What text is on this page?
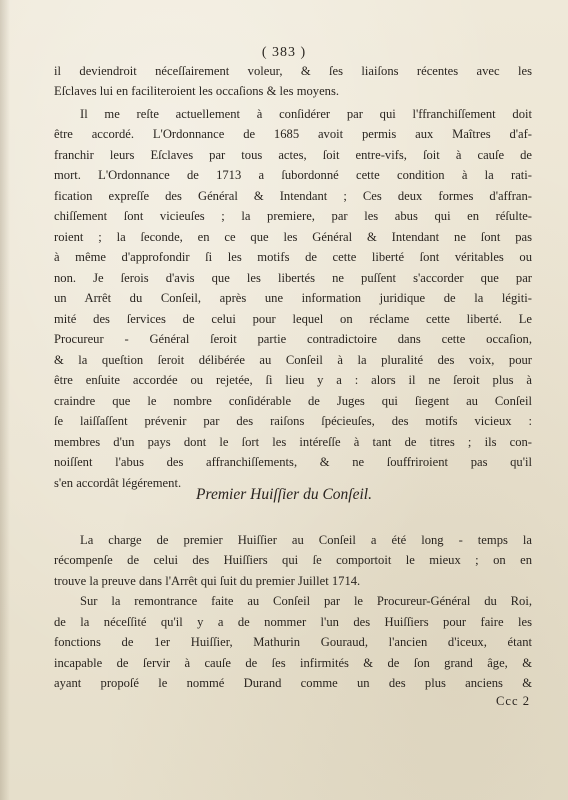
( 383 )
il deviendroit néceſſairement voleur, & ſes liaiſons récentes avec les
Eſclaves lui en faciliteroient les occaſions & les moyens.
Il me reſte actuellement à conſidérer par qui l'ffranchiſſement doit
être accordé. L'Ordonnance de 1685 avoit permis aux Maîtres d'af-
franchir leurs Eſclaves par tous actes, ſoit entre-vifs, ſoit à cauſe de
mort. L'Ordonnance de 1713 a ſubordonné cette condition à la rati-
fication expreſſe des Général & Intendant ; Ces deux formes d'affran-
chiſſement ſont vicieuſes ; la premiere, par les abus qui en réſulte-
roient ; la ſeconde, en ce que les Général & Intendant ne ſont pas
à même d'approfondir ſi les motifs de cette liberté ſont véritables ou
non. Je ſerois d'avis que les libertés ne puſſent s'accorder que par
un Arrêt du Conſeil, après une information juridique de la légiti-
mité des ſervices de celui pour lequel on réclame cette liberté. Le
Procureur - Général ſeroit partie contradictoire dans cette occaſion,
& la queſtion ſeroit délibérée au Conſeil à la pluralité des voix, pour
être enſuite accordée ou rejetée, ſi lieu y a : alors il ne ſeroit plus à
craindre que le nombre conſidérable de Juges qui ſiegent au Conſeil
ſe laiſſaſſent prévenir par des raiſons ſpécieuſes, des motifs vicieux :
membres d'un pays dont le ſort les intéreſſe à tant de titres ; ils con-
noiſſent l'abus des affranchiſſements, & ne ſouffriroient pas qu'il
s'en accordât légérement.
Premier Huiſſier du Conſeil.
La charge de premier Huiſſier au Conſeil a été long - temps la
récompenſe de celui des Huiſſiers qui ſe comportoit le mieux ; on en
trouve la preuve dans l'Arrêt qui ſuit du premier Juillet 1714.
Sur la remontrance faite au Conſeil par le Procureur-Général du Roi,
de la néceſſité qu'il y a de nommer l'un des Huiſſiers pour faire les
fonctions de 1er Huiſſier, Mathurin Gouraud, l'ancien d'iceux, étant
incapable de ſervir à cauſe de ſes infirmités & de ſon grand âge, &
ayant propoſé le nommé Durand comme un des plus anciens &
Ccc 2
